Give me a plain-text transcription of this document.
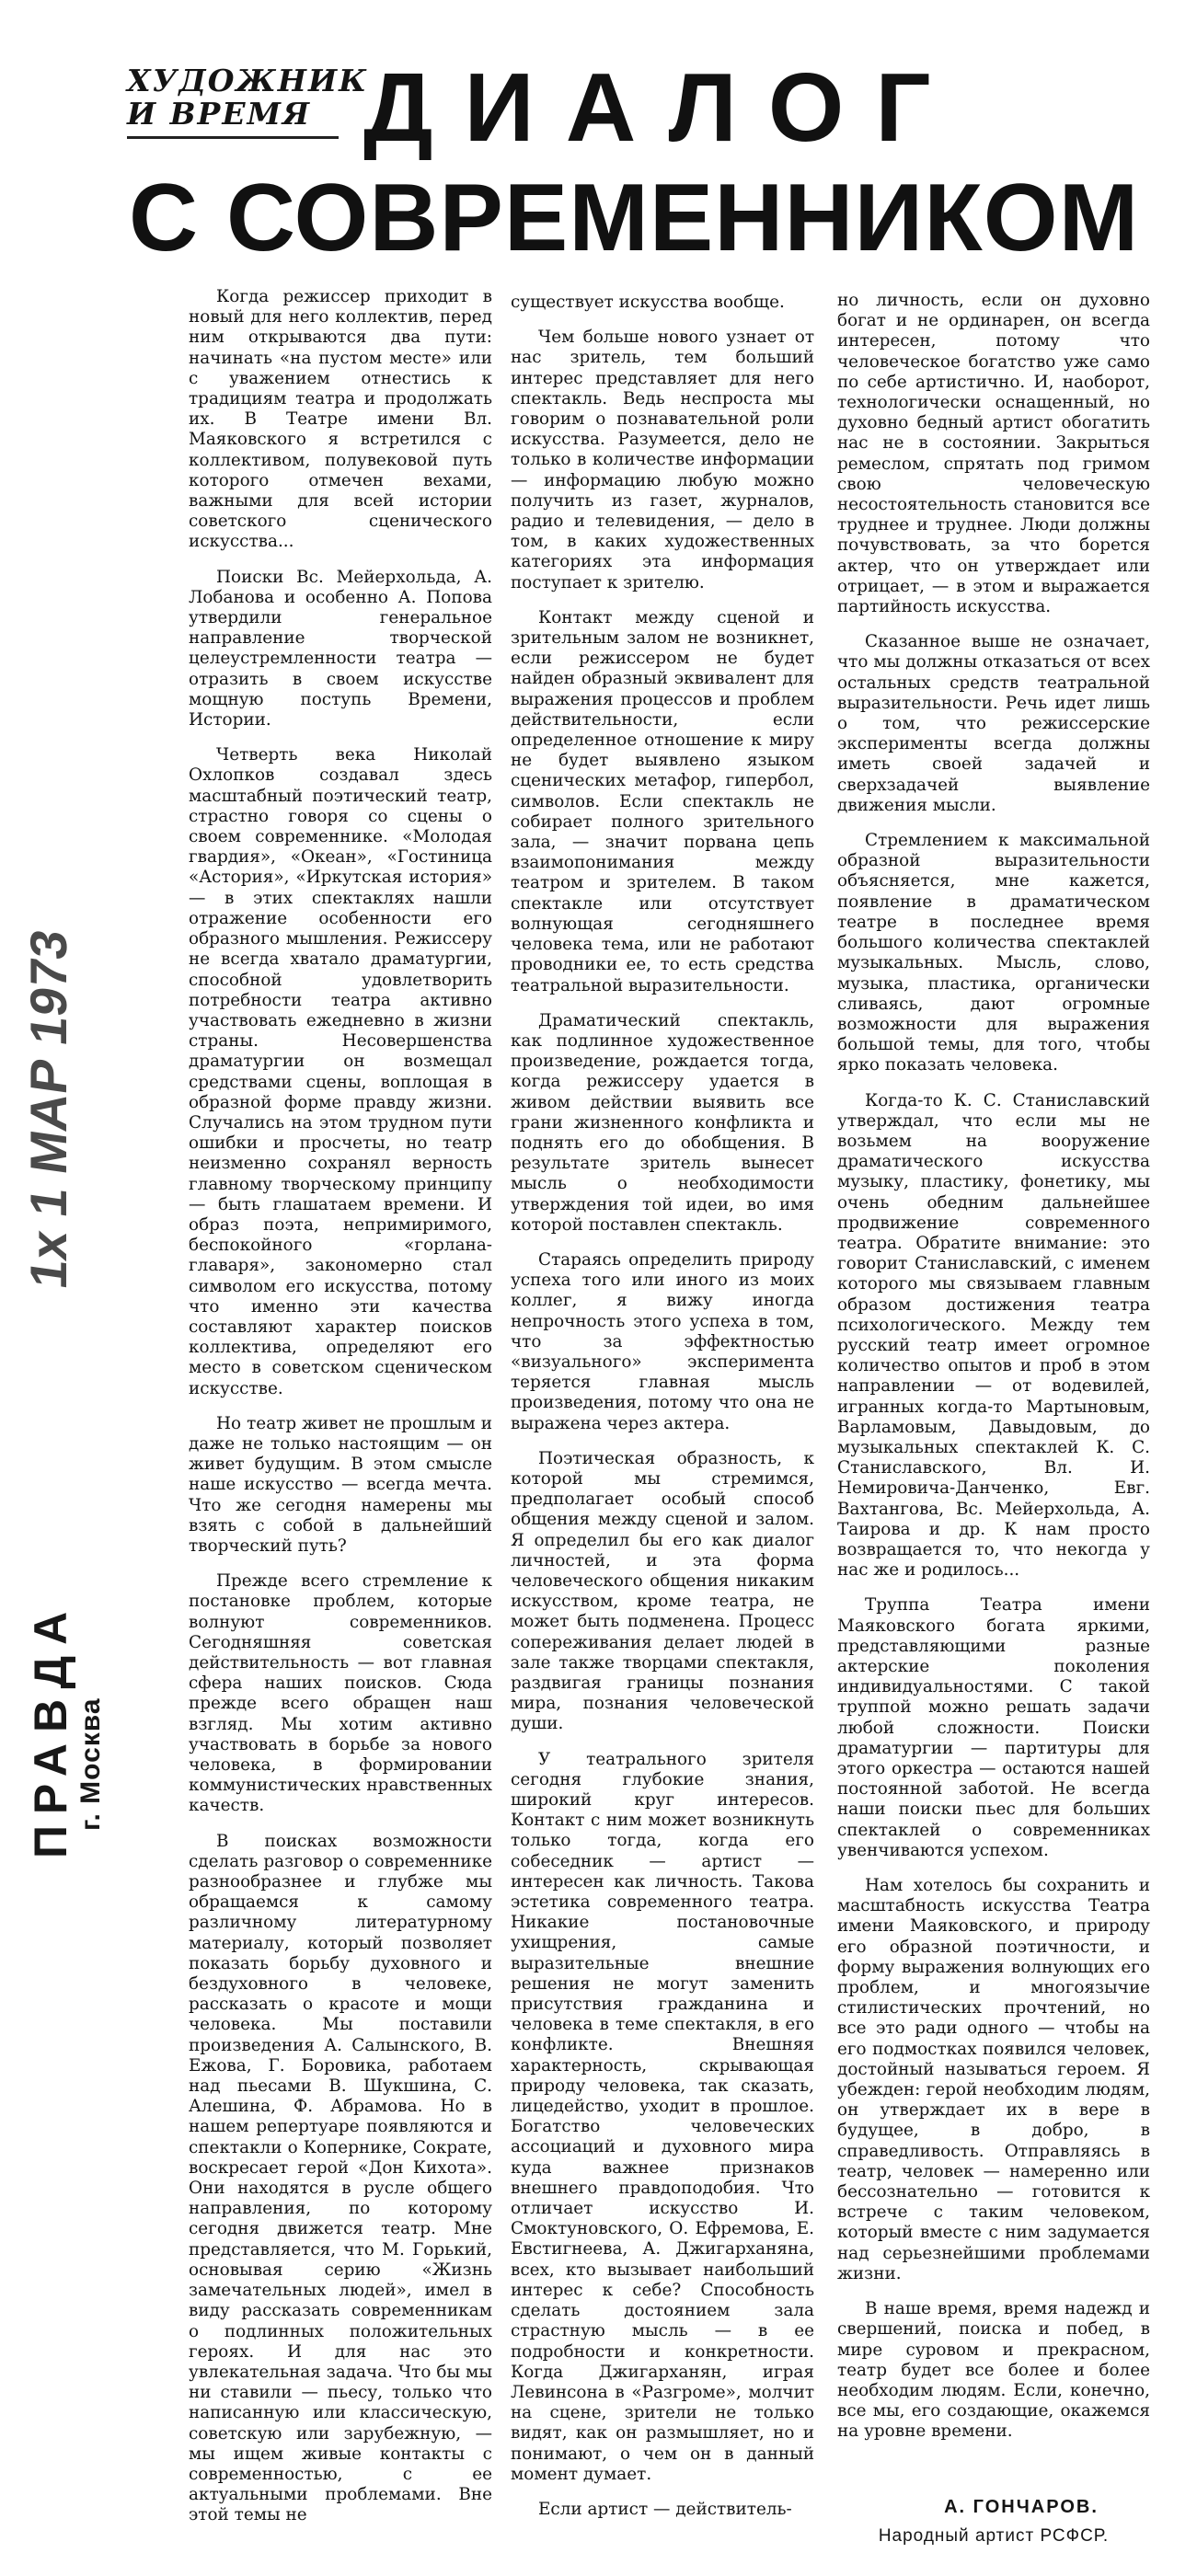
ХУДОЖНИК
И ВРЕМЯ ДИАЛОГ
С СОВРЕМЕННИКОМ
ПРАВДА г. Москва
1x 1 МАР 1973

Когда режиссер приходит в новый для него коллектив, перед ним открываются два пути: начинать «на пустом месте» или с уважением отнестись к традициям театра и продолжать их. В Театре имени Вл. Маяковского я встретился с коллективом, полувековой путь которого отмечен вехами, важными для всей истории советского сценического искусства...

Поиски Вс. Мейерхольда, А. Лобанова и особенно А. Попова утвердили генеральное направление творческой целеустремленности театра — отразить в своем искусстве мощную поступь Времени, Истории.

Четверть века Николай Охлопков создавал здесь масштабный поэтический театр, страстно говоря со сцены о своем современнике. «Молодая гвардия», «Океан», «Гостиница «Астория», «Иркутская история» — в этих спектаклях нашли отражение особенности его образного мышления. Режиссеру не всегда хватало драматургии, способной удовлетворить потребности театра активно участвовать ежедневно в жизни страны. Несовершенства драматургии он возмещал средствами сцены, воплощая в образной форме правду жизни. Случались на этом трудном пути ошибки и просчеты, но театр неизменно сохранял верность главному творческому принципу — быть глашатаем времени. И образ поэта, непримиримого, беспокойного «горлана-главаря», закономерно стал символом его искусства, потому что именно эти качества составляют характер поисков коллектива, определяют его место в советском сценическом искусстве.

Но театр живет не прошлым и даже не только настоящим — он живет будущим. В этом смысле наше искусство — всегда мечта. Что же сегодня намерены мы взять с собой в дальнейший творческий путь?

Прежде всего стремление к постановке проблем, которые волнуют современников. Сегодняшняя советская действительность — вот главная сфера наших поисков. Сюда прежде всего обращен наш взгляд. Мы хотим активно участвовать в борьбе за нового человека, в формировании коммунистических нравственных качеств.

В поисках возможности сделать разговор о современнике разнообразнее и глубже мы обращаемся к самому различному литературному материалу, который позволяет показать борьбу духовного и бездуховного в человеке, рассказать о красоте и мощи человека. Мы поставили произведения А. Салынского, В. Ежова, Г. Боровика, работаем над пьесами В. Шукшина, С. Алешина, Ф. Абрамова. Но в нашем репертуаре появляются и спектакли о Копернике, Сократе, воскресает герой «Дон Кихота». Они находятся в русле общего направления, по которому сегодня движется театр. Мне представляется, что М. Горький, основывая серию «Жизнь замечательных людей», имел в виду рассказать современникам о подлинных положительных героях. И для нас это увлекательная задача. Что бы мы ни ставили — пьесу, только что написанную или классическую, советскую или зарубежную, — мы ищем живые контакты с современностью, с ее актуальными проблемами. Вне этой темы не

существует искусства вообще.

Чем больше нового узнает от нас зритель, тем больший интерес представляет для него спектакль. Ведь неспроста мы говорим о познавательной роли искусства. Разумеется, дело не только в количестве информации — информацию любую можно получить из газет, журналов, радио и телевидения, — дело в том, в каких художественных категориях эта информация поступает к зрителю.

Контакт между сценой и зрительным залом не возникнет, если режиссером не будет найден образный эквивалент для выражения процессов и проблем действительности, если определенное отношение к миру не будет выявлено языком сценических метафор, гипербол, символов. Если спектакль не собирает полного зрительного зала, — значит порвана цепь взаимопонимания между театром и зрителем. В таком спектакле или отсутствует волнующая сегодняшнего человека тема, или не работают проводники ее, то есть средства театральной выразительности.

Драматический спектакль, как подлинное художественное произведение, рождается тогда, когда режиссеру удается в живом действии выявить все грани жизненного конфликта и поднять его до обобщения. В результате зритель вынесет мысль о необходимости утверждения той идеи, во имя которой поставлен спектакль.

Стараясь определить природу успеха того или иного из моих коллег, я вижу иногда непрочность этого успеха в том, что за эффектностью «визуального» эксперимента теряется главная мысль произведения, потому что она не выражена через актера.

Поэтическая образность, к которой мы стремимся, предполагает особый способ общения между сценой и залом. Я определил бы его как диалог личностей, и эта форма человеческого общения никаким искусством, кроме театра, не может быть подменена. Процесс сопереживания делает людей в зале также творцами спектакля, раздвигая границы познания мира, познания человеческой души.

У театрального зрителя сегодня глубокие знания, широкий круг интересов. Контакт с ним может возникнуть только тогда, когда его собеседник — артист — интересен как личность. Такова эстетика современного театра. Никакие постановочные ухищрения, самые выразительные внешние решения не могут заменить присутствия гражданина и человека в теме спектакля, в его конфликте. Внешняя характерность, скрывающая природу человека, так сказать, лицедейство, уходит в прошлое. Богатство человеческих ассоциаций и духовного мира куда важнее признаков внешнего правдоподобия. Что отличает искусство И. Смоктуновского, О. Ефремова, Е. Евстигнеева, А. Джигарханяна, всех, кто вызывает наибольший интерес к себе? Способность сделать достоянием зала страстную мысль — в ее подробности и конкретности. Когда Джигарханян, играя Левинсона в «Разгроме», молчит на сцене, зрители не только видят, как он размышляет, но и понимают, о чем он в данный момент думает.

Если артист — действитель-

но личность, если он духовно богат и не ординарен, он всегда интересен, потому что человеческое богатство уже само по себе артистично. И, наоборот, технологически оснащенный, но духовно бедный артист обогатить нас не в состоянии. Закрыться ремеслом, спрятать под гримом свою человеческую несостоятельность становится все труднее и труднее. Люди должны почувствовать, за что борется актер, что он утверждает или отрицает, — в этом и выражается партийность искусства.

Сказанное выше не означает, что мы должны отказаться от всех остальных средств театральной выразительности. Речь идет лишь о том, что режиссерские эксперименты всегда должны иметь своей задачей и сверхзадачей выявление движения мысли.

Стремлением к максимальной образной выразительности объясняется, мне кажется, появление в драматическом театре в последнее время большого количества спектаклей музыкальных. Мысль, слово, музыка, пластика, органически сливаясь, дают огромные возможности для выражения большой темы, для того, чтобы ярко показать человека.

Когда-то К. С. Станиславский утверждал, что если мы не возьмем на вооружение драматического искусства музыку, пластику, фонетику, мы очень обедним дальнейшее продвижение современного театра. Обратите внимание: это говорит Станиславский, с именем которого мы связываем главным образом достижения театра психологического. Между тем русский театр имеет огромное количество опытов и проб в этом направлении — от водевилей, игранных когда-то Мартыновым, Варламовым, Давыдовым, до музыкальных спектаклей К. С. Станиславского, Вл. И. Немировича-Данченко, Евг. Вахтангова, Вс. Мейерхольда, А. Таирова и др. К нам просто возвращается то, что некогда у нас же и родилось...

Труппа Театра имени Маяковского богата яркими, представляющими разные актерские поколения индивидуальностями. С такой труппой можно решать задачи любой сложности. Поиски драматургии — партитуры для этого оркестра — остаются нашей постоянной заботой. Не всегда наши поиски пьес для больших спектаклей о современниках увенчиваются успехом.

Нам хотелось бы сохранить и масштабность искусства Театра имени Маяковского, и природу его образной поэтичности, и форму выражения волнующих его проблем, и многоязычие стилистических прочтений, но все это ради одного — чтобы на его подмостках появился человек, достойный называться героем. Я убежден: герой необходим людям, он утверждает их в вере в будущее, в добро, в справедливость. Отправляясь в театр, человек — намеренно или бессознательно — готовится к встрече с таким человеком, который вместе с ним задумается над серьезнейшими проблемами жизни.

В наше время, время надежд и свершений, поиска и побед, в мире суровом и прекрасном, театр будет все более и более необходим людям. Если, конечно, все мы, его создающие, окажемся на уровне времени.

А. ГОНЧАРОВ.
Народный артист РСФСР.
